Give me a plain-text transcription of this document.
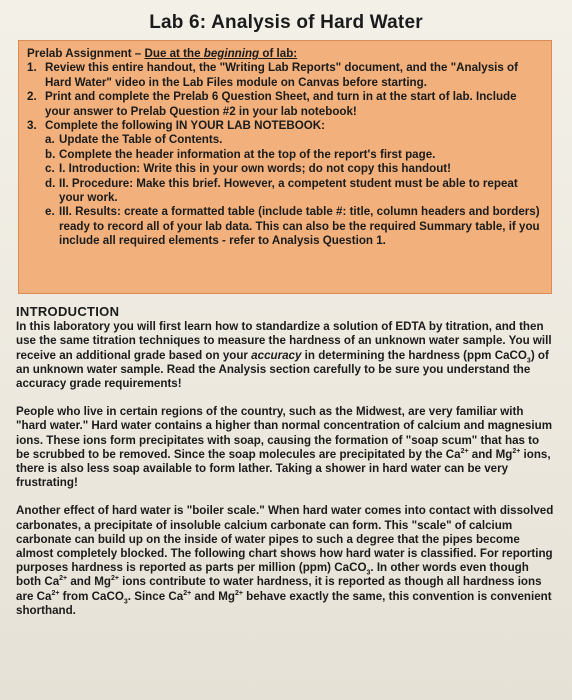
Lab 6: Analysis of Hard Water
Prelab Assignment – Due at the beginning of lab:
1. Review this entire handout, the "Writing Lab Reports" document, and the "Analysis of Hard Water" video in the Lab Files module on Canvas before starting.
2. Print and complete the Prelab 6 Question Sheet, and turn in at the start of lab. Include your answer to Prelab Question #2 in your lab notebook!
3. Complete the following IN YOUR LAB NOTEBOOK:
a. Update the Table of Contents.
b. Complete the header information at the top of the report's first page.
c. I. Introduction: Write this in your own words; do not copy this handout!
d. II. Procedure: Make this brief. However, a competent student must be able to repeat your work.
e. III. Results: create a formatted table (include table #: title, column headers and borders) ready to record all of your lab data. This can also be the required Summary table, if you include all required elements - refer to Analysis Question 1.
INTRODUCTION

In this laboratory you will first learn how to standardize a solution of EDTA by titration, and then use the same titration techniques to measure the hardness of an unknown water sample. You will receive an additional grade based on your accuracy in determining the hardness (ppm CaCO$_3$) of an unknown water sample. Read the Analysis section carefully to be sure you understand the accuracy grade requirements!

People who live in certain regions of the country, such as the Midwest, are very familiar with "hard water." Hard water contains a higher than normal concentration of calcium and magnesium ions. These ions form precipitates with soap, causing the formation of "soap scum" that has to be scrubbed to be removed. Since the soap molecules are precipitated by the $Ca^{2+}$ and $Mg^{2+}$ ions, there is also less soap available to form lather. Taking a shower in hard water can be very frustrating!

Another effect of hard water is "boiler scale." When hard water comes into contact with dissolved carbonates, a precipitate of insoluble calcium carbonate can form. This "scale" of calcium carbonate can build up on the inside of water pipes to such a degree that the pipes become almost completely blocked. The following chart shows how hard water is classified. For reporting purposes hardness is reported as parts per million (ppm) CaCO$_3$. In other words even though both $Ca^{2+}$ and $Mg^{2+}$ ions contribute to water hardness, it is reported as though all hardness ions are $Ca^{2+}$ from CaCO$_3$. Since $Ca^{2+}$ and $Mg^{2+}$ behave exactly the same, this convention is convenient shorthand.
